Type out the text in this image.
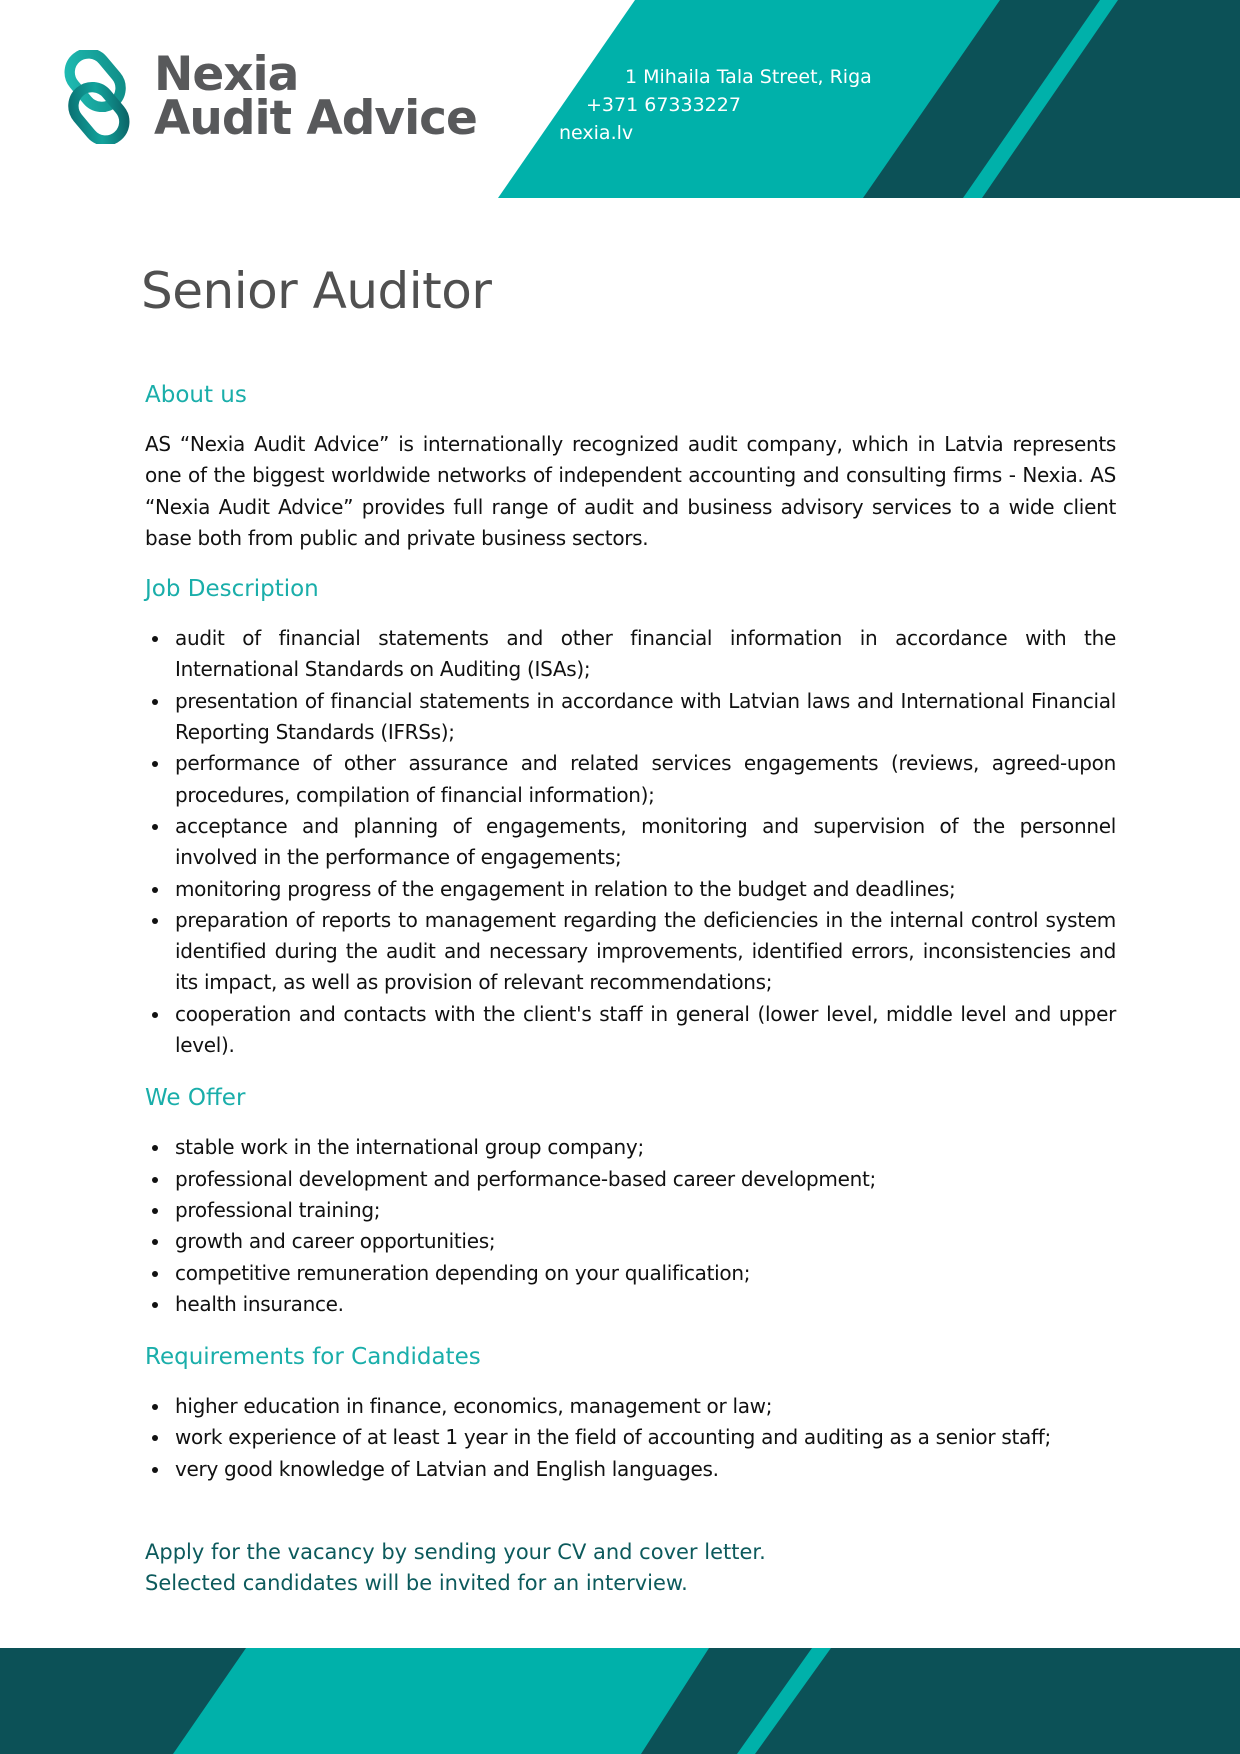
Nexia
Audit Advice
1 Mihaila Tala Street, Riga
+371 67333227
nexia.lv
Senior Auditor
About us

AS “Nexia Audit Advice” is internationally recognized audit company, which in Latvia represents one of the biggest worldwide networks of independent accounting and consulting firms - Nexia. AS “Nexia Audit Advice” provides full range of audit and business advisory services to a wide client base both from public and private business sectors.

Job Description
audit of financial statements and other financial information in accordance with the International Standards on Auditing (ISAs);
presentation of financial statements in accordance with Latvian laws and International Financial Reporting Standards (IFRSs);
performance of other assurance and related services engagements (reviews, agreed-upon procedures, compilation of financial information);
acceptance and planning of engagements, monitoring and supervision of the personnel involved in the performance of engagements;
monitoring progress of the engagement in relation to the budget and deadlines;
preparation of reports to management regarding the deficiencies in the internal control system identified during the audit and necessary improvements, identified errors, inconsistencies and its impact, as well as provision of relevant recommendations;
cooperation and contacts with the client's staff in general (lower level, middle level and upper level).
We Offer
stable work in the international group company;
professional development and performance-based career development;
professional training;
growth and career opportunities;
competitive remuneration depending on your qualification;
health insurance.
Requirements for Candidates
higher education in finance, economics, management or law;
work experience of at least 1 year in the field of accounting and auditing as a senior staff;
very good knowledge of Latvian and English languages.
Apply for the vacancy by sending your CV and cover letter.
Selected candidates will be invited for an interview.
